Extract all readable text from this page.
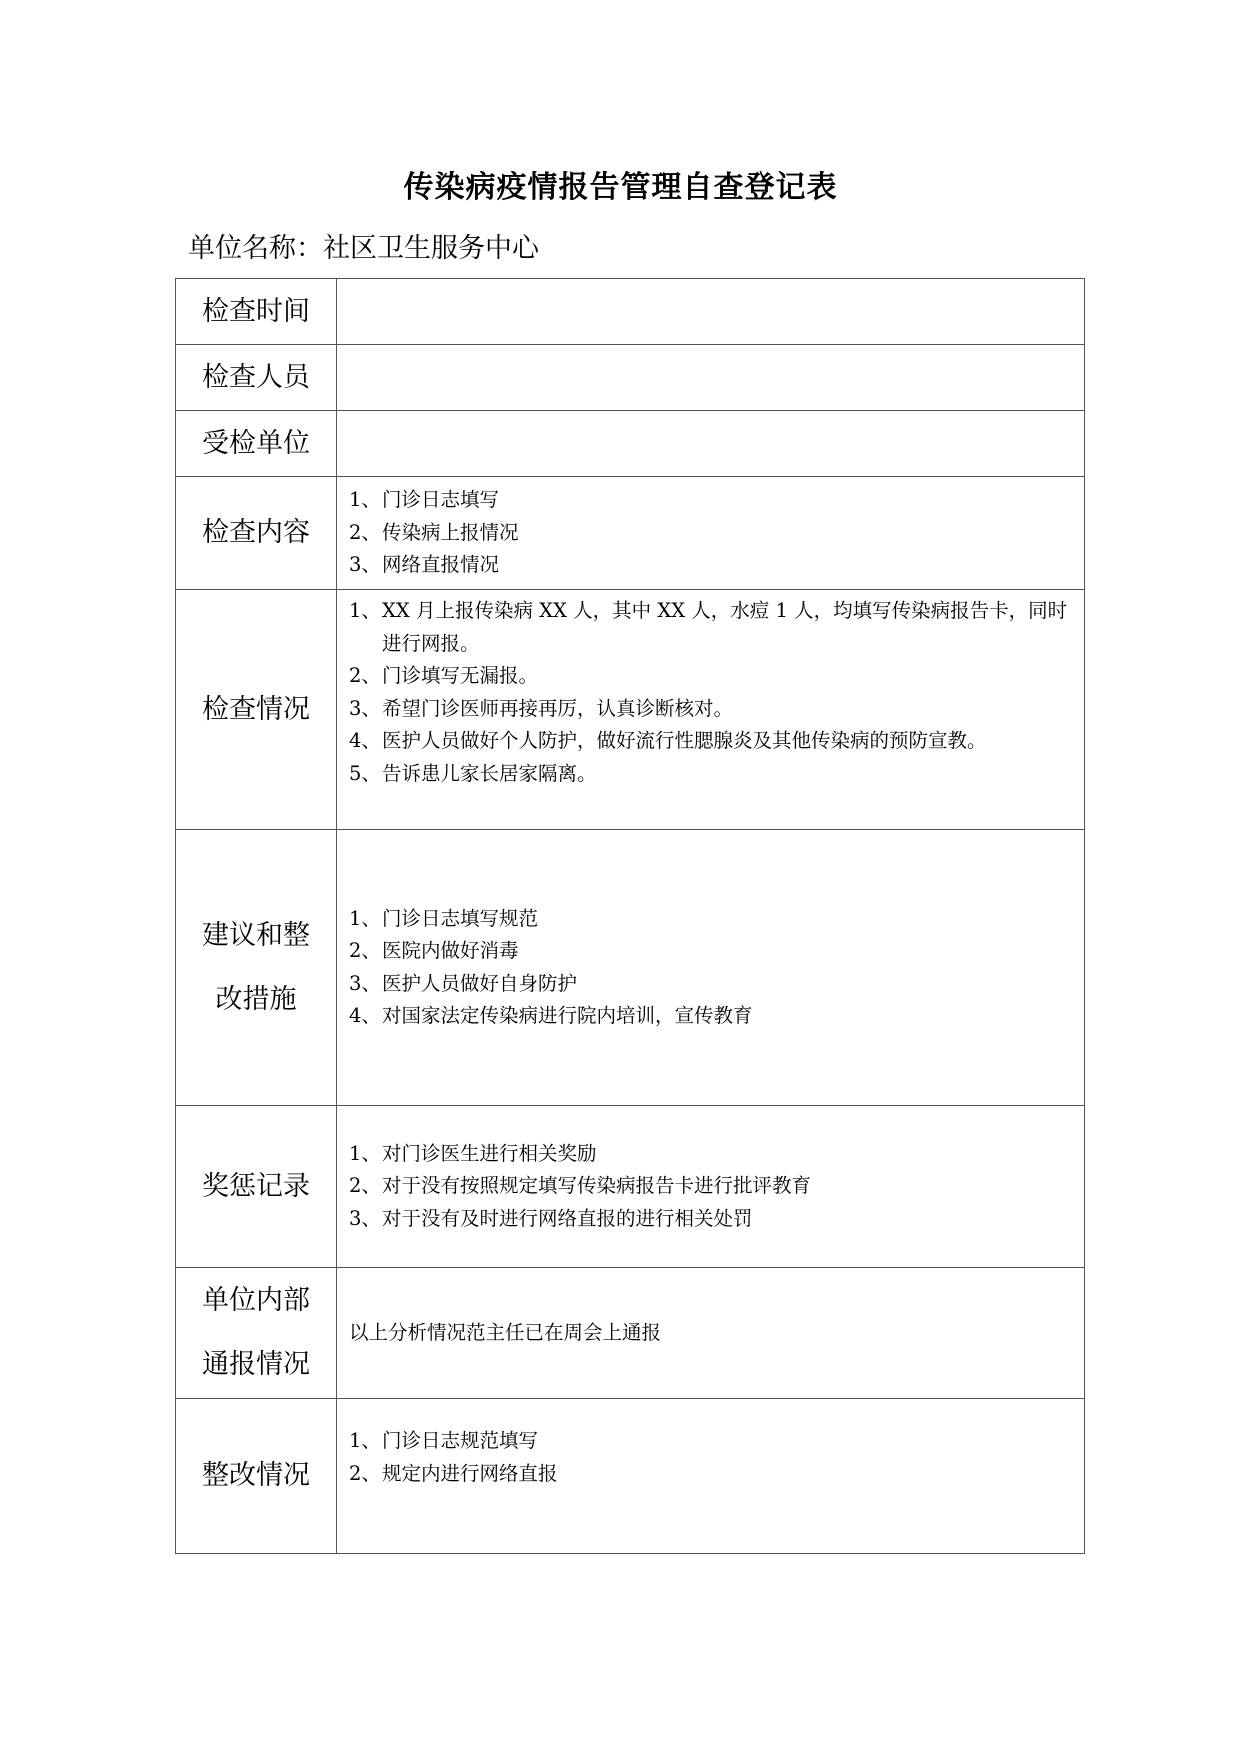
传染病疫情报告管理自查登记表
单位名称：社区卫生服务中心
检查时间	
检查人员	
受检单位	
检查内容	1、门诊日志填写
2、传染病上报情况
3、网络直报情况

检查情况	1、XX 月上报传染病 XX 人，其中 XX 人，水痘 1 人，均填写传染病报告卡，同时进行网报。
2、门诊填写无漏报。
3、希望门诊医师再接再厉，认真诊断核对。
4、医护人员做好个人防护，做好流行性腮腺炎及其他传染病的预防宣教。
5、告诉患儿家长居家隔离。

建议和整
改措施	1、门诊日志填写规范
2、医院内做好消毒
3、医护人员做好自身防护
4、对国家法定传染病进行院内培训，宣传教育

奖惩记录	1、对门诊医生进行相关奖励
2、对于没有按照规定填写传染病报告卡进行批评教育
3、对于没有及时进行网络直报的进行相关处罚

单位内部
通报情况	以上分析情况范主任已在周会上通报

整改情况	1、门诊日志规范填写
2、规定内进行网络直报
